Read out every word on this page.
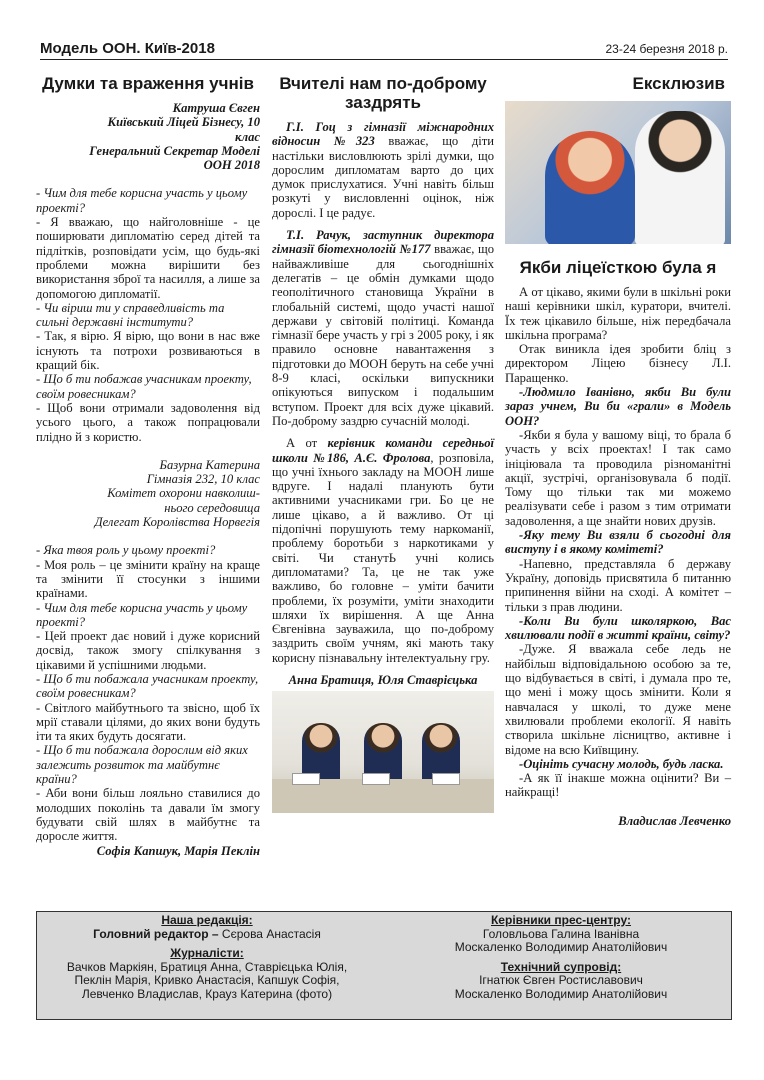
Модель ООН. Київ-2018	23-24 березня 2018 р.
Думки та враження учнів
Катруша Євген
Київський Ліцей Бізнесу, 10
клас
Генеральний Секретар Моделі
ООН 2018
- Чим для тебе корисна участь у цьому проекті?
- Я вважаю, що найголовніше - це поширювати дипломатію серед дітей та підлітків, розповідати усім, що будь-які проблеми можна вирішити без використання зброї та насилля, а лише за допомогою дипломатії.
- Чи віриш ти у справедливість та сильні державні інститути?
- Так, я вірю. Я вірю, що вони в нас вже існують та потрохи розвиваються в кращий бік.
- Що б ти побажав учасникам проекту, своїм ровесникам?
- Щоб вони отримали задоволення від усього цього, а також попрацювали плідно й з користю.
Базурна Катерина
Гімназія 232, 10 клас
Комітет охорони навколиш-
нього середовища
Делегат Королівства Норвегія
- Яка твоя роль у цьому проекті?
- Моя роль – це змінити країну на краще та змінити її стосунки з іншими країнами.
- Чим для тебе корисна участь у цьому проекті?
- Цей проект дає новий і дуже корисний досвід, також змогу спілкування з цікавими й успішними людьми.
- Що б ти побажала учасникам проекту, своїм ровесникам?
- Світлого майбутнього та звісно, щоб їх мрії ставали цілями, до яких вони будуть іти та яких будуть досягати.
- Що б ти побажала дорослим від яких залежить розвиток та майбутнє країни?
- Аби вони більш лояльно ставилися до молодших поколінь та давали їм змогу будувати свій шлях в майбутнє та доросле життя.
Софія Капшук, Марія Пеклін
Вчителі нам по-доброму заздрять
Г.І. Гоц з гімназії міжнародних відносин №323 вважає, що діти настільки висловлюють зрілі думки, що дорослим дипломатам варто до цих думок прислухатися. Учні навіть більш розкуті у висловленні оцінок, ніж дорослі. І це радує.
Т.І. Рачук, заступник директора гімназії біотехнологій №177 вважає, що найважливіше для сьогоднішніх делегатів – це обмін думками щодо геополітичного становища України в глобальній системі, щодо участі нашої держави у світовій політиці. Команда гімназії бере участь у грі з 2005 року, і як правило основне навантаження з підготовки до МООН беруть на себе учні 8-9 класі, оскільки випускники опікуються випуском і подальшим вступом. Проект для всіх дуже цікавий. По-доброму заздрю сучасній молоді.
А от керівник команди середньої школи №186, А.Є. Фролова, розповіла, що учні їхнього закладу на МООН лише вдруге. І надалі планують бути активними учасниками гри. Бо це не лише цікаво, а й важливо. От ці підопічні порушують тему наркоманії, проблему боротьби з наркотиками у світі. Чи станутЬ учні колись дипломатами? Та, це не так уже важливо, бо головне – уміти бачити проблеми, їх розуміти, уміти знаходити шляхи їх вирішення. А ще Анна Євгенівна зауважила, що по-доброму заздрить своїм учням, які мають таку корисну пізнавальну інтелектуальну гру.
Анна Братиця, Юля Ставрієцька
Ексклюзив
Якби ліцеїсткою була я
А от цікаво, якими були в шкільні роки наші керівники шкіл, куратори, вчителі. Їх теж цікавило більше, ніж передбачала шкільна програма?
Отак виникла ідея зробити бліц з директором Ліцею бізнесу Л.І. Паращенко.
-Людмило Іванівно, якби Ви були зараз учнем, Ви би «грали» в Модель ООН?
-Якби я була у вашому віці, то брала б участь у всіх проектах! І так само ініціювала та проводила різноманітні акції, зустрічі, організовувала б події. Тому що тільки так ми можемо реалізувати себе і разом з тим отримати задоволення, а ще знайти нових друзів.
-Яку тему Ви взяли б сьогодні для виступу і в якому комітеті?
-Напевно, представляла б державу Україну, доповідь присвятила б питанню припинення війни на сході. А комітет – тільки з прав людини.
-Коли Ви були школяркою, Вас хвилювали події в житті країни, світу?
-Дуже. Я вважала себе ледь не найбільш відповідальною особою за те, що відбувається в світі, і думала про те, що мені і можу щось змінити. Коли я навчалася у школі, то дуже мене хвилювали проблеми екології. Я навіть створила шкільне лісництво, активне і відоме на всю Київщину.
-Оцініть сучасну молодь, будь ласка.
-А як її інакше можна оцінити? Ви – найкращі!
Владислав Левченко
Наша редакція:
Головний редактор – Сєрова Анастасія
Журналісти:
Вачков Маркіян, Братиця Анна, Ставрієцька Юлія,
Пеклін Марія, Кривко Анастасія, Капшук Софія,
Левченко Владислав, Крауз Катерина (фото)
Керівники прес-центру:
Головльова Галина Іванівна
Москаленко Володимир Анатолійович
Технічний супровід:
Ігнатюк Євген Ростиславович
Москаленко Володимир Анатолійович
